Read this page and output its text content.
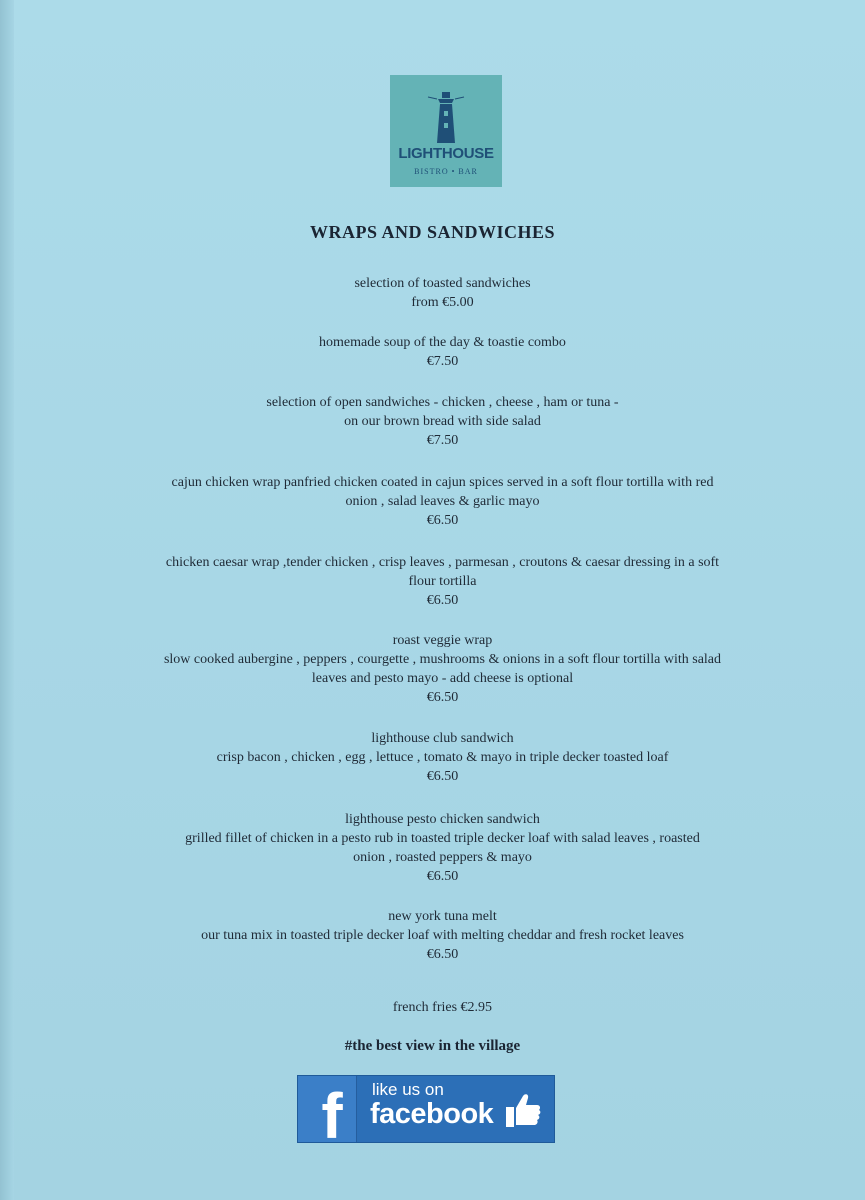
LIGHTHOUSE
BISTRO • BAR
WRAPS AND SANDWICHES
selection of toasted sandwiches
from €5.00
homemade soup of the day & toastie combo
€7.50
selection of open sandwiches - chicken , cheese , ham or tuna -
on our brown bread with side salad
€7.50
cajun chicken wrap panfried chicken coated in cajun spices served in a soft flour tortilla with red
onion , salad leaves & garlic mayo
€6.50
chicken caesar wrap ,tender chicken , crisp leaves , parmesan , croutons & caesar dressing in a soft
flour tortilla
€6.50
roast veggie wrap
slow cooked aubergine , peppers , courgette , mushrooms & onions in a soft flour tortilla with salad
leaves and pesto mayo - add cheese is optional
€6.50
lighthouse club sandwich
crisp bacon , chicken , egg , lettuce , tomato & mayo in triple decker toasted loaf
€6.50
lighthouse pesto chicken sandwich
grilled fillet of chicken in a pesto rub in toasted triple decker loaf with salad leaves , roasted
onion , roasted peppers & mayo
€6.50
new york tuna melt
our tuna mix in toasted triple decker loaf with melting cheddar and fresh rocket leaves
€6.50
french fries €2.95
#the best view in the village
f	like us on
facebook
